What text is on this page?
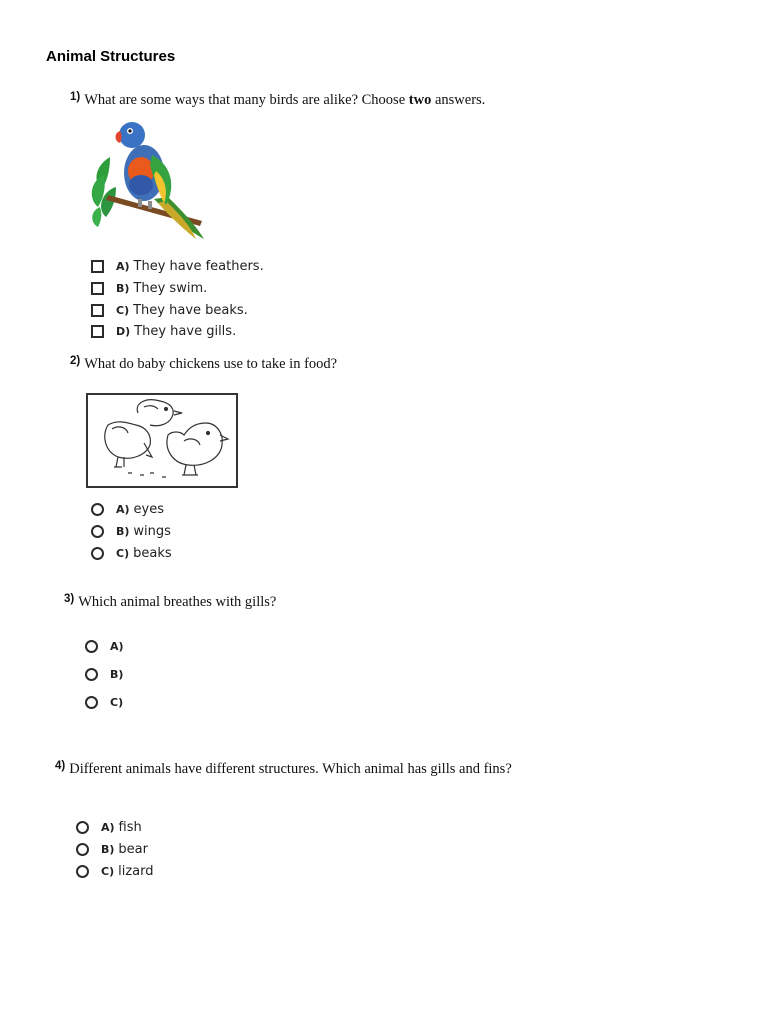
Animal Structures
$^{1)}$ What are some ways that many birds are alike? Choose two answers.
A) They have feathers.
B) They swim.
C) They have beaks.
D) They have gills.
$^{2)}$ What do baby chickens use to take in food?
A) eyes
B) wings
C) beaks
$^{3)}$ Which animal breathes with gills?
A)
B)
C)
$^{4)}$ Different animals have different structures. Which animal has gills and fins?
A) fish
B) bear
C) lizard
